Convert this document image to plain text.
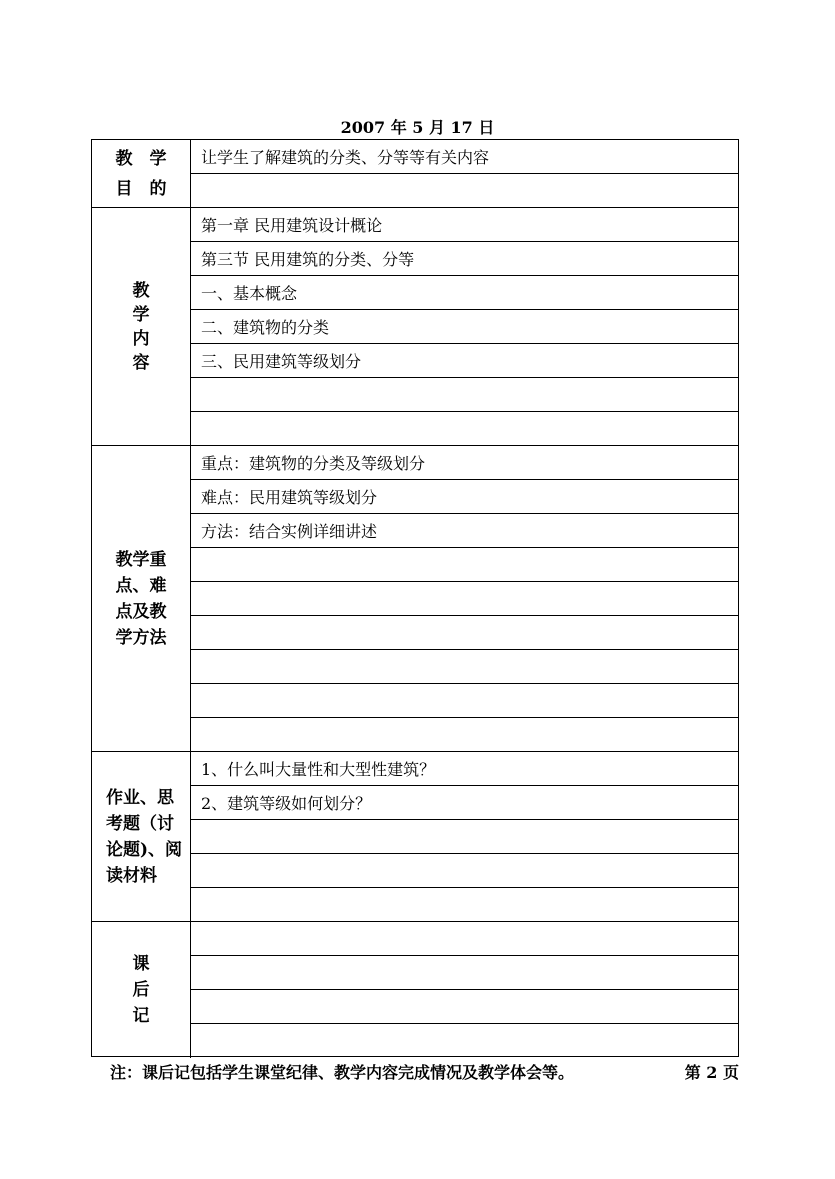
2007 年 5 月 17 日
教　学
目　的
让学生了解建筑的分类、分等等有关内容
教
学
内
容
第一章 民用建筑设计概论
第三节 民用建筑的分类、分等
一、基本概念
二、建筑物的分类
三、民用建筑等级划分
教学重
点、难
点及教
学方法
重点：建筑物的分类及等级划分
难点：民用建筑等级划分
方法：结合实例详细讲述
作业、思
考题（讨
论题)、阅
读材料
1、什么叫大量性和大型性建筑？
2、建筑等级如何划分？
课
后
记
注：课后记包括学生课堂纪律、教学内容完成情况及教学体会等。	第 2 页
